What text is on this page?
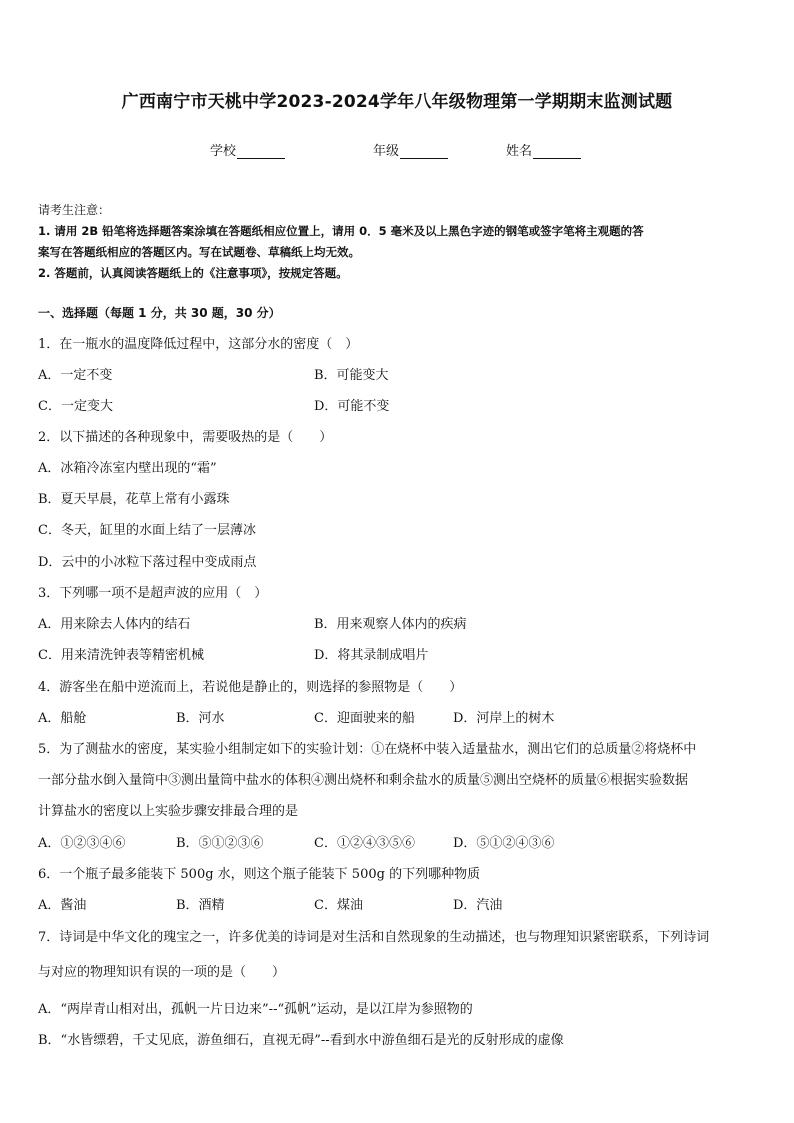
广西南宁市天桃中学2023-2024学年八年级物理第一学期期末监测试题
学校	年级	姓名
请考生注意：
1. 请用 2B 铅笔将选择题答案涂填在答题纸相应位置上，请用 0．5 毫米及以上黑色字迹的钢笔或签字笔将主观题的答
案写在答题纸相应的答题区内。写在试题卷、草稿纸上均无效。
2. 答题前，认真阅读答题纸上的《注意事项》，按规定答题。
一、选择题（每题 1 分，共 30 题，30 分）
1．在一瓶水的温度降低过程中，这部分水的密度（　）
A．一定不变	B．可能变大
C．一定变大	D．可能不变
2．以下描述的各种现象中，需要吸热的是（　　）
A．冰箱冷冻室内壁出现的“霜”
B．夏天早晨，花草上常有小露珠
C．冬天，缸里的水面上结了一层薄冰
D．云中的小冰粒下落过程中变成雨点
3．下列哪一项不是超声波的应用（　）
A．用来除去人体内的结石	B．用来观察人体内的疾病
C．用来清洗钟表等精密机械	D．将其录制成唱片
4．游客坐在船中逆流而上，若说他是静止的，则选择的参照物是（　　）
A．船舱	B．河水	C．迎面驶来的船	D．河岸上的树木
5．为了测盐水的密度，某实验小组制定如下的实验计划：①在烧杯中装入适量盐水，测出它们的总质量②将烧杯中
一部分盐水倒入量筒中③测出量筒中盐水的体积④测出烧杯和剩余盐水的质量⑤测出空烧杯的质量⑥根据实验数据
计算盐水的密度以上实验步骤安排最合理的是
A．①②③④⑥	B．⑤①②③⑥	C．①②④③⑤⑥	D．⑤①②④③⑥
6．一个瓶子最多能装下 500g 水，则这个瓶子能装下 500g 的下列哪种物质
A．酱油	B．酒精	C．煤油	D．汽油
7．诗词是中华文化的瑰宝之一，许多优美的诗词是对生活和自然现象的生动描述，也与物理知识紧密联系，下列诗词
与对应的物理知识有误的一项的是（　　）
A．“两岸青山相对出，孤帆一片日边来”--“孤帆”运动，是以江岸为参照物的
B．“水皆缥碧，千丈见底，游鱼细石，直视无碍”--看到水中游鱼细石是光的反射形成的虚像
